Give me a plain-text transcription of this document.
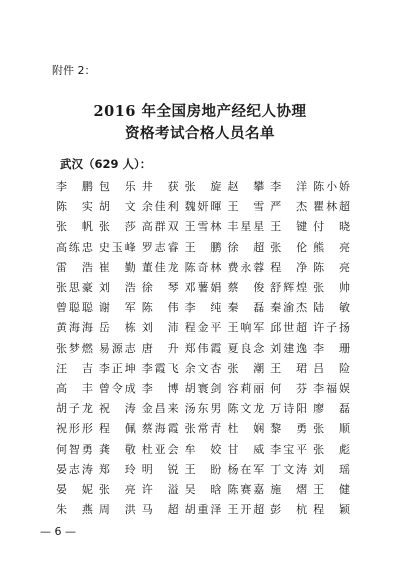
附件 2：
2016 年全国房地产经纪人协理
资格考试合格人员名单
武汉（629 人）：
李 鹏 包 乐 井 获 张 旋 赵 攀 李 洋 陈小娇
陈 实 胡 文 余佳利 魏妍暉 王 雪 严 杰 瞿林超
张 帆 张 莎 高群双 王雪林 丰星星 王 键 付 晓
高练忠 史玉峰 罗志睿 王 鹏 徐 超 张 伦 熊 亮
雷 浩 崔 勤 董佳龙 陈奇林 费永蓉 程 净 陈 亮
张思豪 刘 浩 徐 琴 邓薯娟 蔡 俊 舒辉煌 张 帅
曾聪聪 谢 军 陈 伟 李 纯 秦 磊 秦渝杰 陆 敏
黄海海 岳 栋 刘 沛 程金平 王响军 邱世超 许子扬
张梦燃 易源志 唐 升 郑伟霞 夏良念 刘建逸 李 珊
汪 吉 李正坤 李霞飞 余文杏 张 潮 王 珺 吕 险
高 丰 曾令成 李 博 胡寰剑 容莉丽 何 芬 李福娱
胡子龙 祝 涛 金昌来 汤东男 陈文龙 万诗阳 廖 磊
祝形形 程 佩 蔡海霞 张常青 杜 娴 黎 勇 张 顺
何智勇 龚 敬 杜亚会 牟 姣 甘 威 李宝平 张 彪
晏志涛 郑 玲 明 锐 王 盼 杨在军 丁文涛 刘 瑶
晏 妮 张 亮 许 溢 吴 晗 陈赛嘉 施 熠 王 健
朱 燕 周 洪 马 超 胡重泽 王开超 彭 杭 程 颖
— 6 —
